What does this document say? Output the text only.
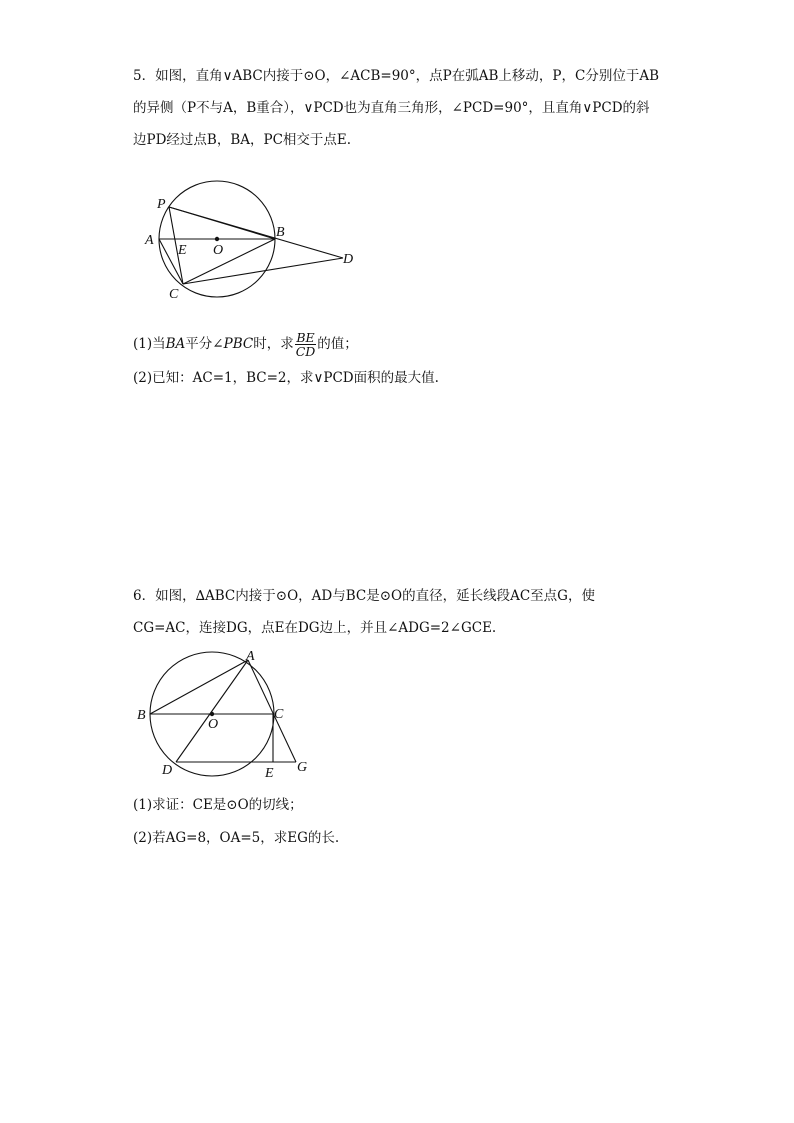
5．如图，直角∨ABC内接于⊙O，∠ACB=90°，点P在弧AB上移动，P，C分别位于AB
的异侧（P不与A，B重合），∨PCD也为直角三角形，∠PCD=90°，且直角∨PCD的斜
边PD经过点B，BA，PC相交于点E.
P
A
E O
B
D
C
(1)当BA平分∠PBC时，求 $\frac{BE}{CD}$ 的值；
(2)已知：AC=1，BC=2，求∨PCD面积的最大值.
6．如图，∆ABC内接于⊙O，AD与BC是⊙O的直径，延长线段AC至点G，使
CG=AC，连接DG，点E在DG边上，并且∠ADG=2∠GCE.
A
B
O
C
D	E G
(1)求证：CE是⊙O的切线；
(2)若AG=8，OA=5，求EG的长.
